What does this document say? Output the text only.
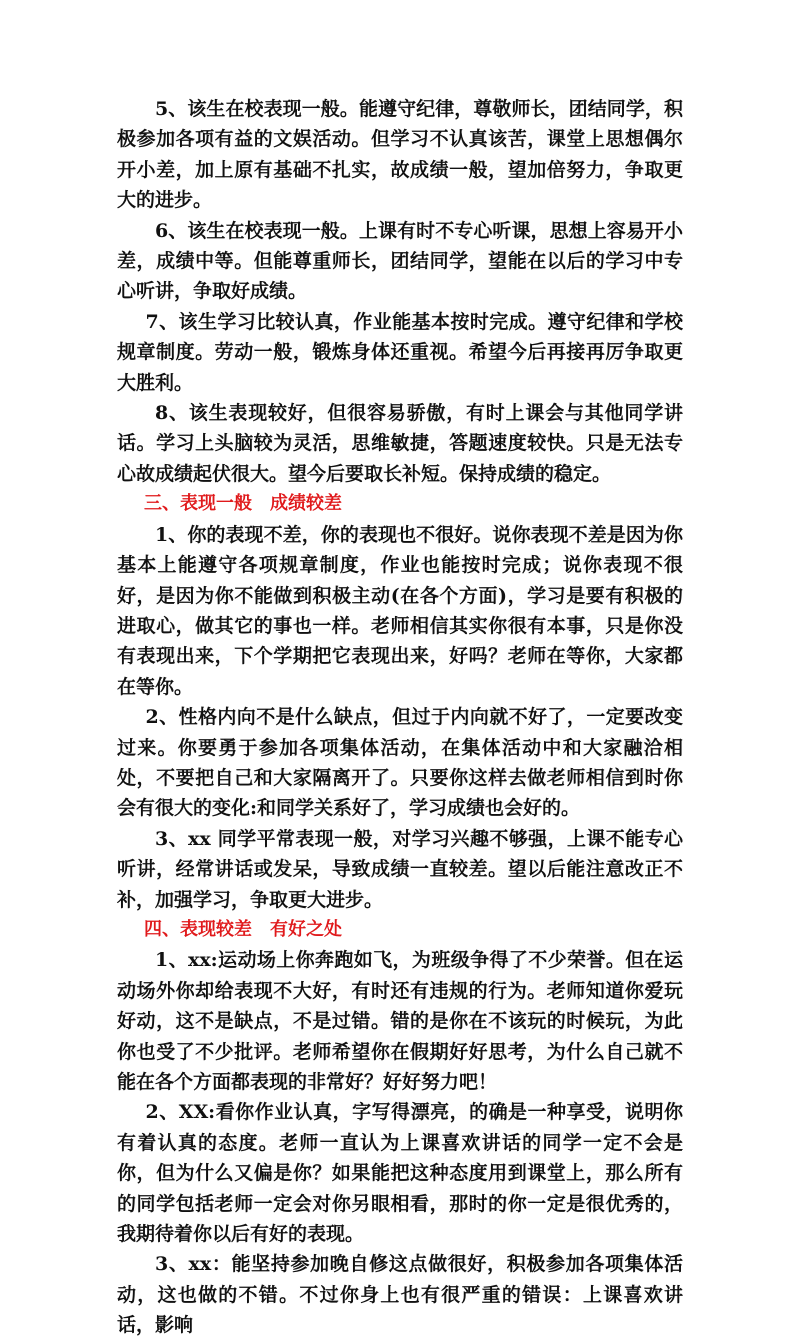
5、该生在校表现一般。能遵守纪律，尊敬师长，团结同学，积极参加各项有益的文娱活动。但学习不认真该苦，课堂上思想偶尔开小差，加上原有基础不扎实，故成绩一般，望加倍努力，争取更大的进步。

6、该生在校表现一般。上课有时不专心听课，思想上容易开小差，成绩中等。但能尊重师长，团结同学，望能在以后的学习中专心听讲，争取好成绩。

7、该生学习比较认真，作业能基本按时完成。遵守纪律和学校规章制度。劳动一般，锻炼身体还重视。希望今后再接再厉争取更大胜利。

8、该生表现较好，但很容易骄傲，有时上课会与其他同学讲话。学习上头脑较为灵活，思维敏捷，答题速度较快。只是无法专心故成绩起伏很大。望今后要取长补短。保持成绩的稳定。

三、表现一般　成绩较差

1、你的表现不差，你的表现也不很好。说你表现不差是因为你基本上能遵守各项规章制度，作业也能按时完成；说你表现不很好，是因为你不能做到积极主动(在各个方面)，学习是要有积极的进取心，做其它的事也一样。老师相信其实你很有本事，只是你没有表现出来，下个学期把它表现出来，好吗？老师在等你，大家都在等你。

2、性格内向不是什么缺点，但过于内向就不好了，一定要改变过来。你要勇于参加各项集体活动，在集体活动中和大家融洽相处，不要把自己和大家隔离开了。只要你这样去做老师相信到时你会有很大的变化:和同学关系好了，学习成绩也会好的。

3、xx 同学平常表现一般，对学习兴趣不够强，上课不能专心听讲，经常讲话或发呆，导致成绩一直较差。望以后能注意改正不补，加强学习，争取更大进步。

四、表现较差　有好之处

1、xx:运动场上你奔跑如飞，为班级争得了不少荣誉。但在运动场外你却给表现不大好，有时还有违规的行为。老师知道你爱玩好动，这不是缺点，不是过错。错的是你在不该玩的时候玩，为此你也受了不少批评。老师希望你在假期好好思考，为什么自己就不能在各个方面都表现的非常好？好好努力吧！

2、XX:看你作业认真，字写得漂亮，的确是一种享受，说明你有着认真的态度。老师一直认为上课喜欢讲话的同学一定不会是你，但为什么又偏是你？如果能把这种态度用到课堂上，那么所有的同学包括老师一定会对你另眼相看，那时的你一定是很优秀的，我期待着你以后有好的表现。

3、xx：能坚持参加晚自修这点做很好，积极参加各项集体活动，这也做的不错。不过你身上也有很严重的错误：上课喜欢讲话，影响
